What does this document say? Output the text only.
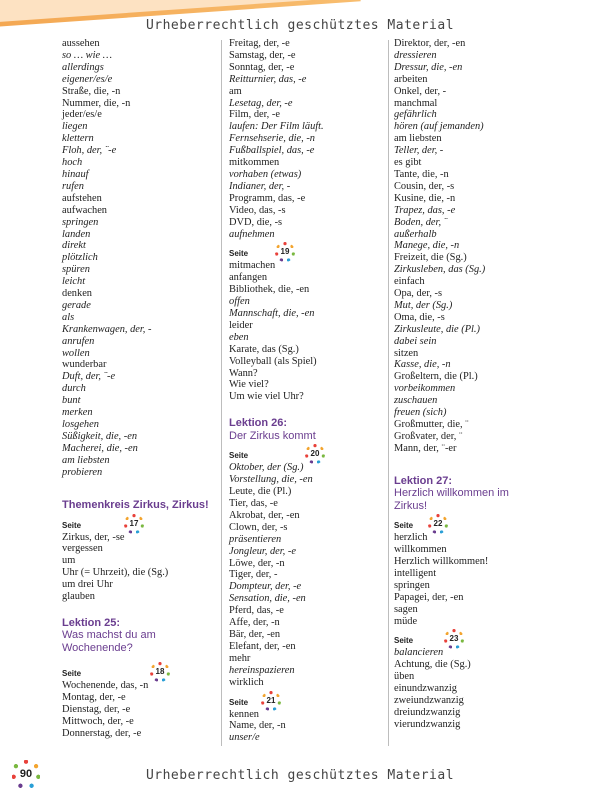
Urheberrechtlich geschütztes Material
aussehen
so … wie …
allerdings
eigener/es/e
Straße, die, -n
Nummer, die, -n
jeder/es/e
liegen
klettern
Floh, der, ¨-e
hoch
hinauf
rufen
aufstehen
aufwachen
springen
landen
direkt
plötzlich
spüren
leicht
denken
gerade
als
Krankenwagen, der, -
anrufen
wollen
wunderbar
Duft, der, ¨-e
durch
bunt
merken
losgehen
Süßigkeit, die, -en
Macherei, die, -en
am liebsten
probieren
Themenkreis Zirkus, Zirkus!
Seite	17
Zirkus, der, -se
vergessen
um
Uhr (= Uhrzeit), die (Sg.)
um drei Uhr
glauben
Lektion 25:
Was machst du am Wochenende?
Seite	18
Wochenende, das, -n
Montag, der, -e
Dienstag, der, -e
Mittwoch, der, -e
Donnerstag, der, -e
Freitag, der, -e
Samstag, der, -e
Sonntag, der, -e
Reitturnier, das, -e
am
Lesetag, der, -e
Film, der, -e
laufen: Der Film läuft.
Fernsehserie, die, -n
Fußballspiel, das, -e
mitkommen
vorhaben (etwas)
Indianer, der, -
Programm, das, -e
Video, das, -s
DVD, die, -s
aufnehmen
Seite	19
mitmachen
anfangen
Bibliothek, die, -en
offen
Mannschaft, die, -en
leider
eben
Karate, das (Sg.)
Volleyball (als Spiel)
Wann?
Wie viel?
Um wie viel Uhr?
Lektion 26:
Der Zirkus kommt
Seite	20
Oktober, der (Sg.)
Vorstellung, die, -en
Leute, die (Pl.)
Tier, das, -e
Akrobat, der, -en
Clown, der, -s
präsentieren
Jongleur, der, -e
Löwe, der, -n
Tiger, der, -
Dompteur, der, -e
Sensation, die, -en
Pferd, das, -e
Affe, der, -n
Bär, der, -en
Elefant, der, -en
mehr
hereinspazieren
wirklich
Seite	21
kennen
Name, der, -n
unser/e
Direktor, der, -en
dressieren
Dressur, die, -en
arbeiten
Onkel, der, -
manchmal
gefährlich
hören (auf jemanden)
am liebsten
Teller, der, -
es gibt
Tante, die, -n
Cousin, der, -s
Kusine, die, -n
Trapez, das, -e
Boden, der, ¨
außerhalb
Manege, die, -n
Freizeit, die (Sg.)
Zirkusleben, das (Sg.)
einfach
Opa, der, -s
Mut, der (Sg.)
Oma, die, -s
Zirkusleute, die (Pl.)
dabei sein
sitzen
Kasse, die, -n
Großeltern, die (Pl.)
vorbeikommen
zuschauen
freuen (sich)
Großmutter, die, ¨
Großvater, der, ¨
Mann, der, ¨-er
Lektion 27:
Herzlich willkommen im Zirkus!
Seite	22
herzlich
willkommen
Herzlich willkommen!
intelligent
springen
Papagei, der, -en
sagen
müde
Seite	23
balancieren
Achtung, die (Sg.)
üben
einundzwanzig
zweiundzwanzig
dreiundzwanzig
vierundzwanzig
90	Urheberrechtlich geschütztes Material
